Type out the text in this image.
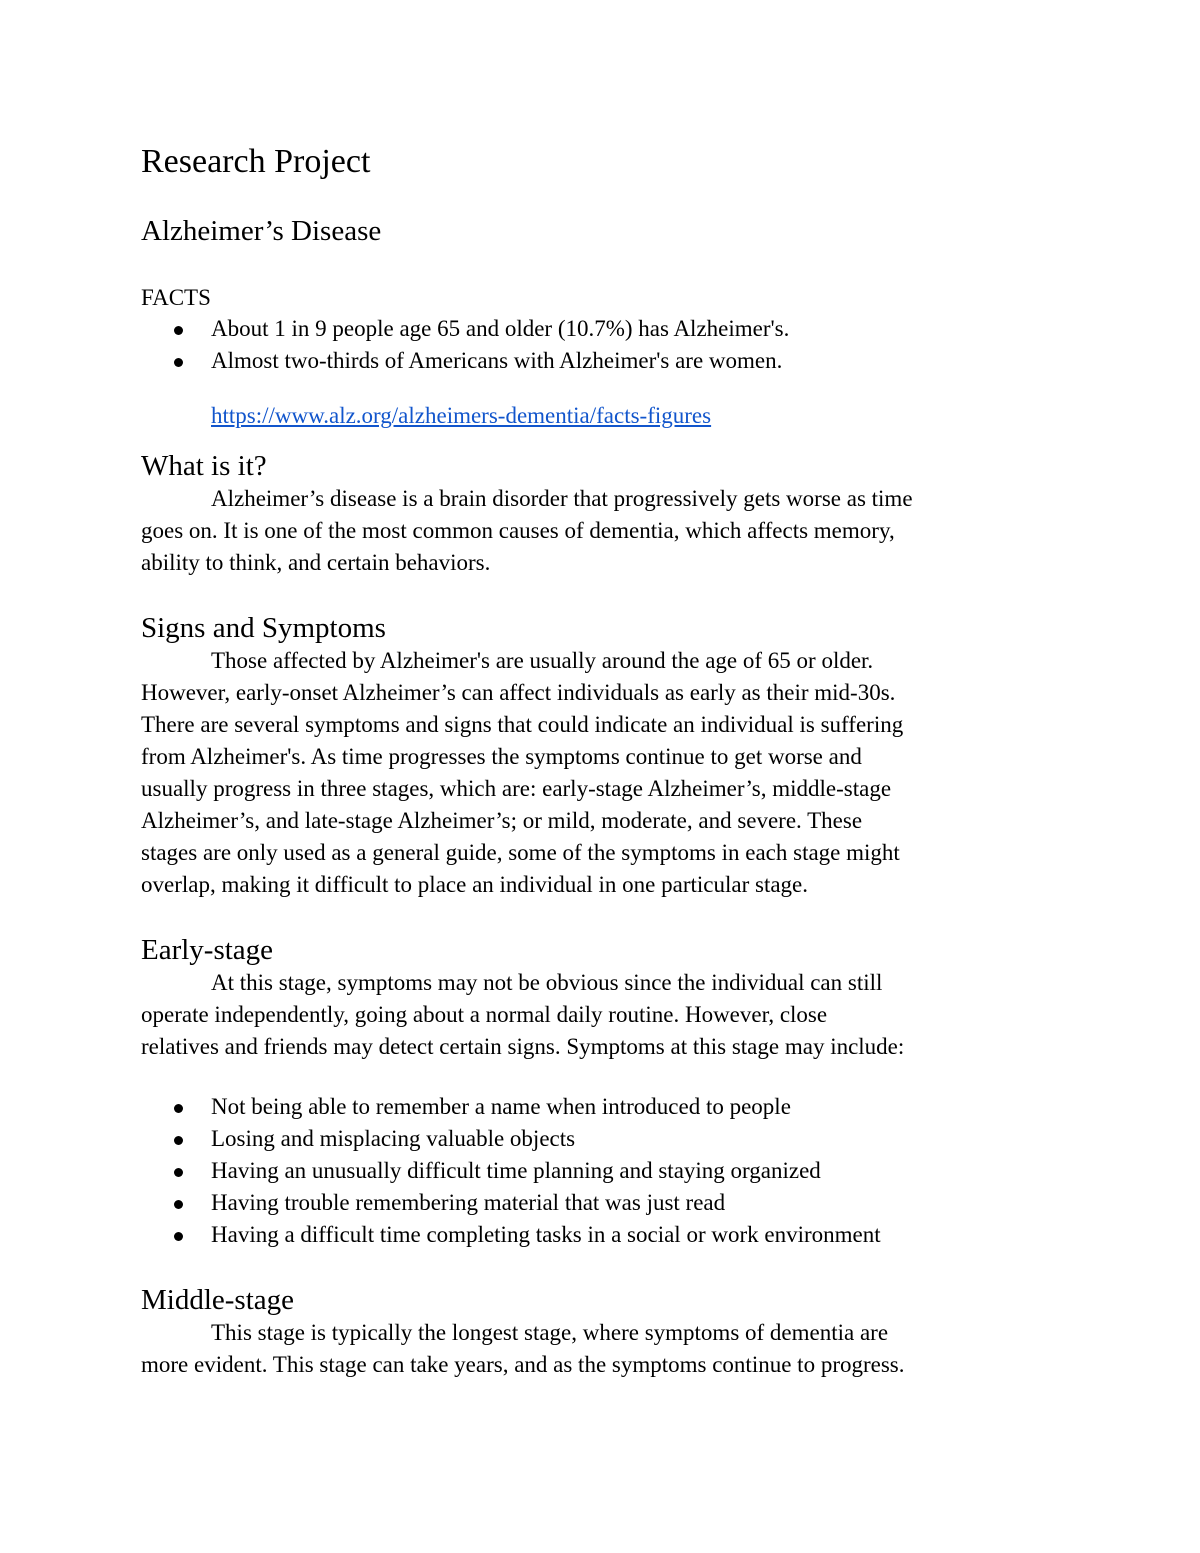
Research Project
Alzheimer’s Disease
FACTS
About 1 in 9 people age 65 and older (10.7%) has Alzheimer's.
Almost two-thirds of Americans with Alzheimer's are women.
https://www.alz.org/alzheimers-dementia/facts-figures
What is it?

Alzheimer’s disease is a brain disorder that progressively gets worse as time
goes on. It is one of the most common causes of dementia, which affects memory,
ability to think, and certain behaviors.

Signs and Symptoms

Those affected by Alzheimer's are usually around the age of 65 or older.
However, early-onset Alzheimer’s can affect individuals as early as their mid-30s.
There are several symptoms and signs that could indicate an individual is suffering
from Alzheimer's. As time progresses the symptoms continue to get worse and
usually progress in three stages, which are: early-stage Alzheimer’s, middle-stage
Alzheimer’s, and late-stage Alzheimer’s; or mild, moderate, and severe. These
stages are only used as a general guide, some of the symptoms in each stage might
overlap, making it difficult to place an individual in one particular stage.

Early-stage

At this stage, symptoms may not be obvious since the individual can still
operate independently, going about a normal daily routine. However, close
relatives and friends may detect certain signs. Symptoms at this stage may include:

Not being able to remember a name when introduced to people
Losing and misplacing valuable objects
Having an unusually difficult time planning and staying organized
Having trouble remembering material that was just read
Having a difficult time completing tasks in a social or work environment
Middle-stage

This stage is typically the longest stage, where symptoms of dementia are
more evident. This stage can take years, and as the symptoms continue to progress.
